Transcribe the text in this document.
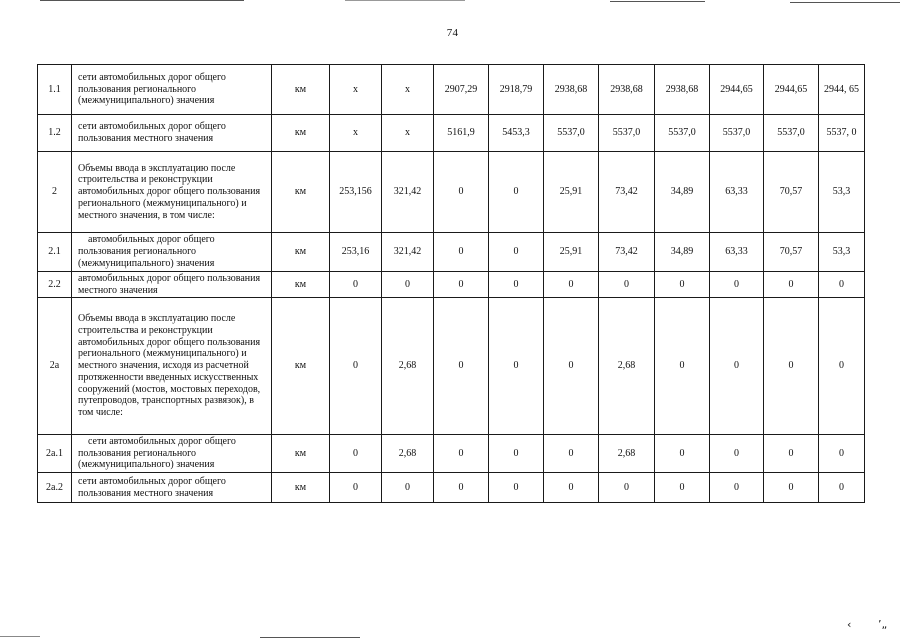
74
1.1	сети автомобильных дорог общего пользования регионального (межмуниципального) значения	км	х	х	2907,29	2918,79	2938,68	2938,68	2938,68	2944,65	2944,65	2944, 65
1.2	сети автомобильных дорог общего пользования местного значения	км	х	х	5161,9	5453,3	5537,0	5537,0	5537,0	5537,0	5537,0	5537, 0
2	Объемы ввода в эксплуатацию после строительства и реконструкции автомобильных дорог общего пользования регионального (межмуниципального) и местного значения, в том числе:	км	253,156	321,42	0	0	25,91	73,42	34,89	63,33	70,57	53,3
2.1	автомобильных дорог общего пользования регионального (межмуниципального) значения	км	253,16	321,42	0	0	25,91	73,42	34,89	63,33	70,57	53,3
2.2	автомобильных дорог общего пользования местного значения	км	0	0	0	0	0	0	0	0	0	0
2а	Объемы ввода в эксплуатацию после строительства и реконструкции автомобильных дорог общего пользования регионального (межмуниципального) и местного значения, исходя из расчетной протяженности введенных искусственных сооружений (мостов, мостовых переходов, путепроводов, транспортных развязок), в том числе:	км	0	2,68	0	0	0	2,68	0	0	0	0
2а.1	сети автомобильных дорог общего пользования регионального (межмуниципального) значения	км	0	2,68	0	0	0	2,68	0	0	0	0
2а.2	сети автомобильных дорог общего пользования местного значения	км	0	0	0	0	0	0	0	0	0	0
‹ ʼ„
